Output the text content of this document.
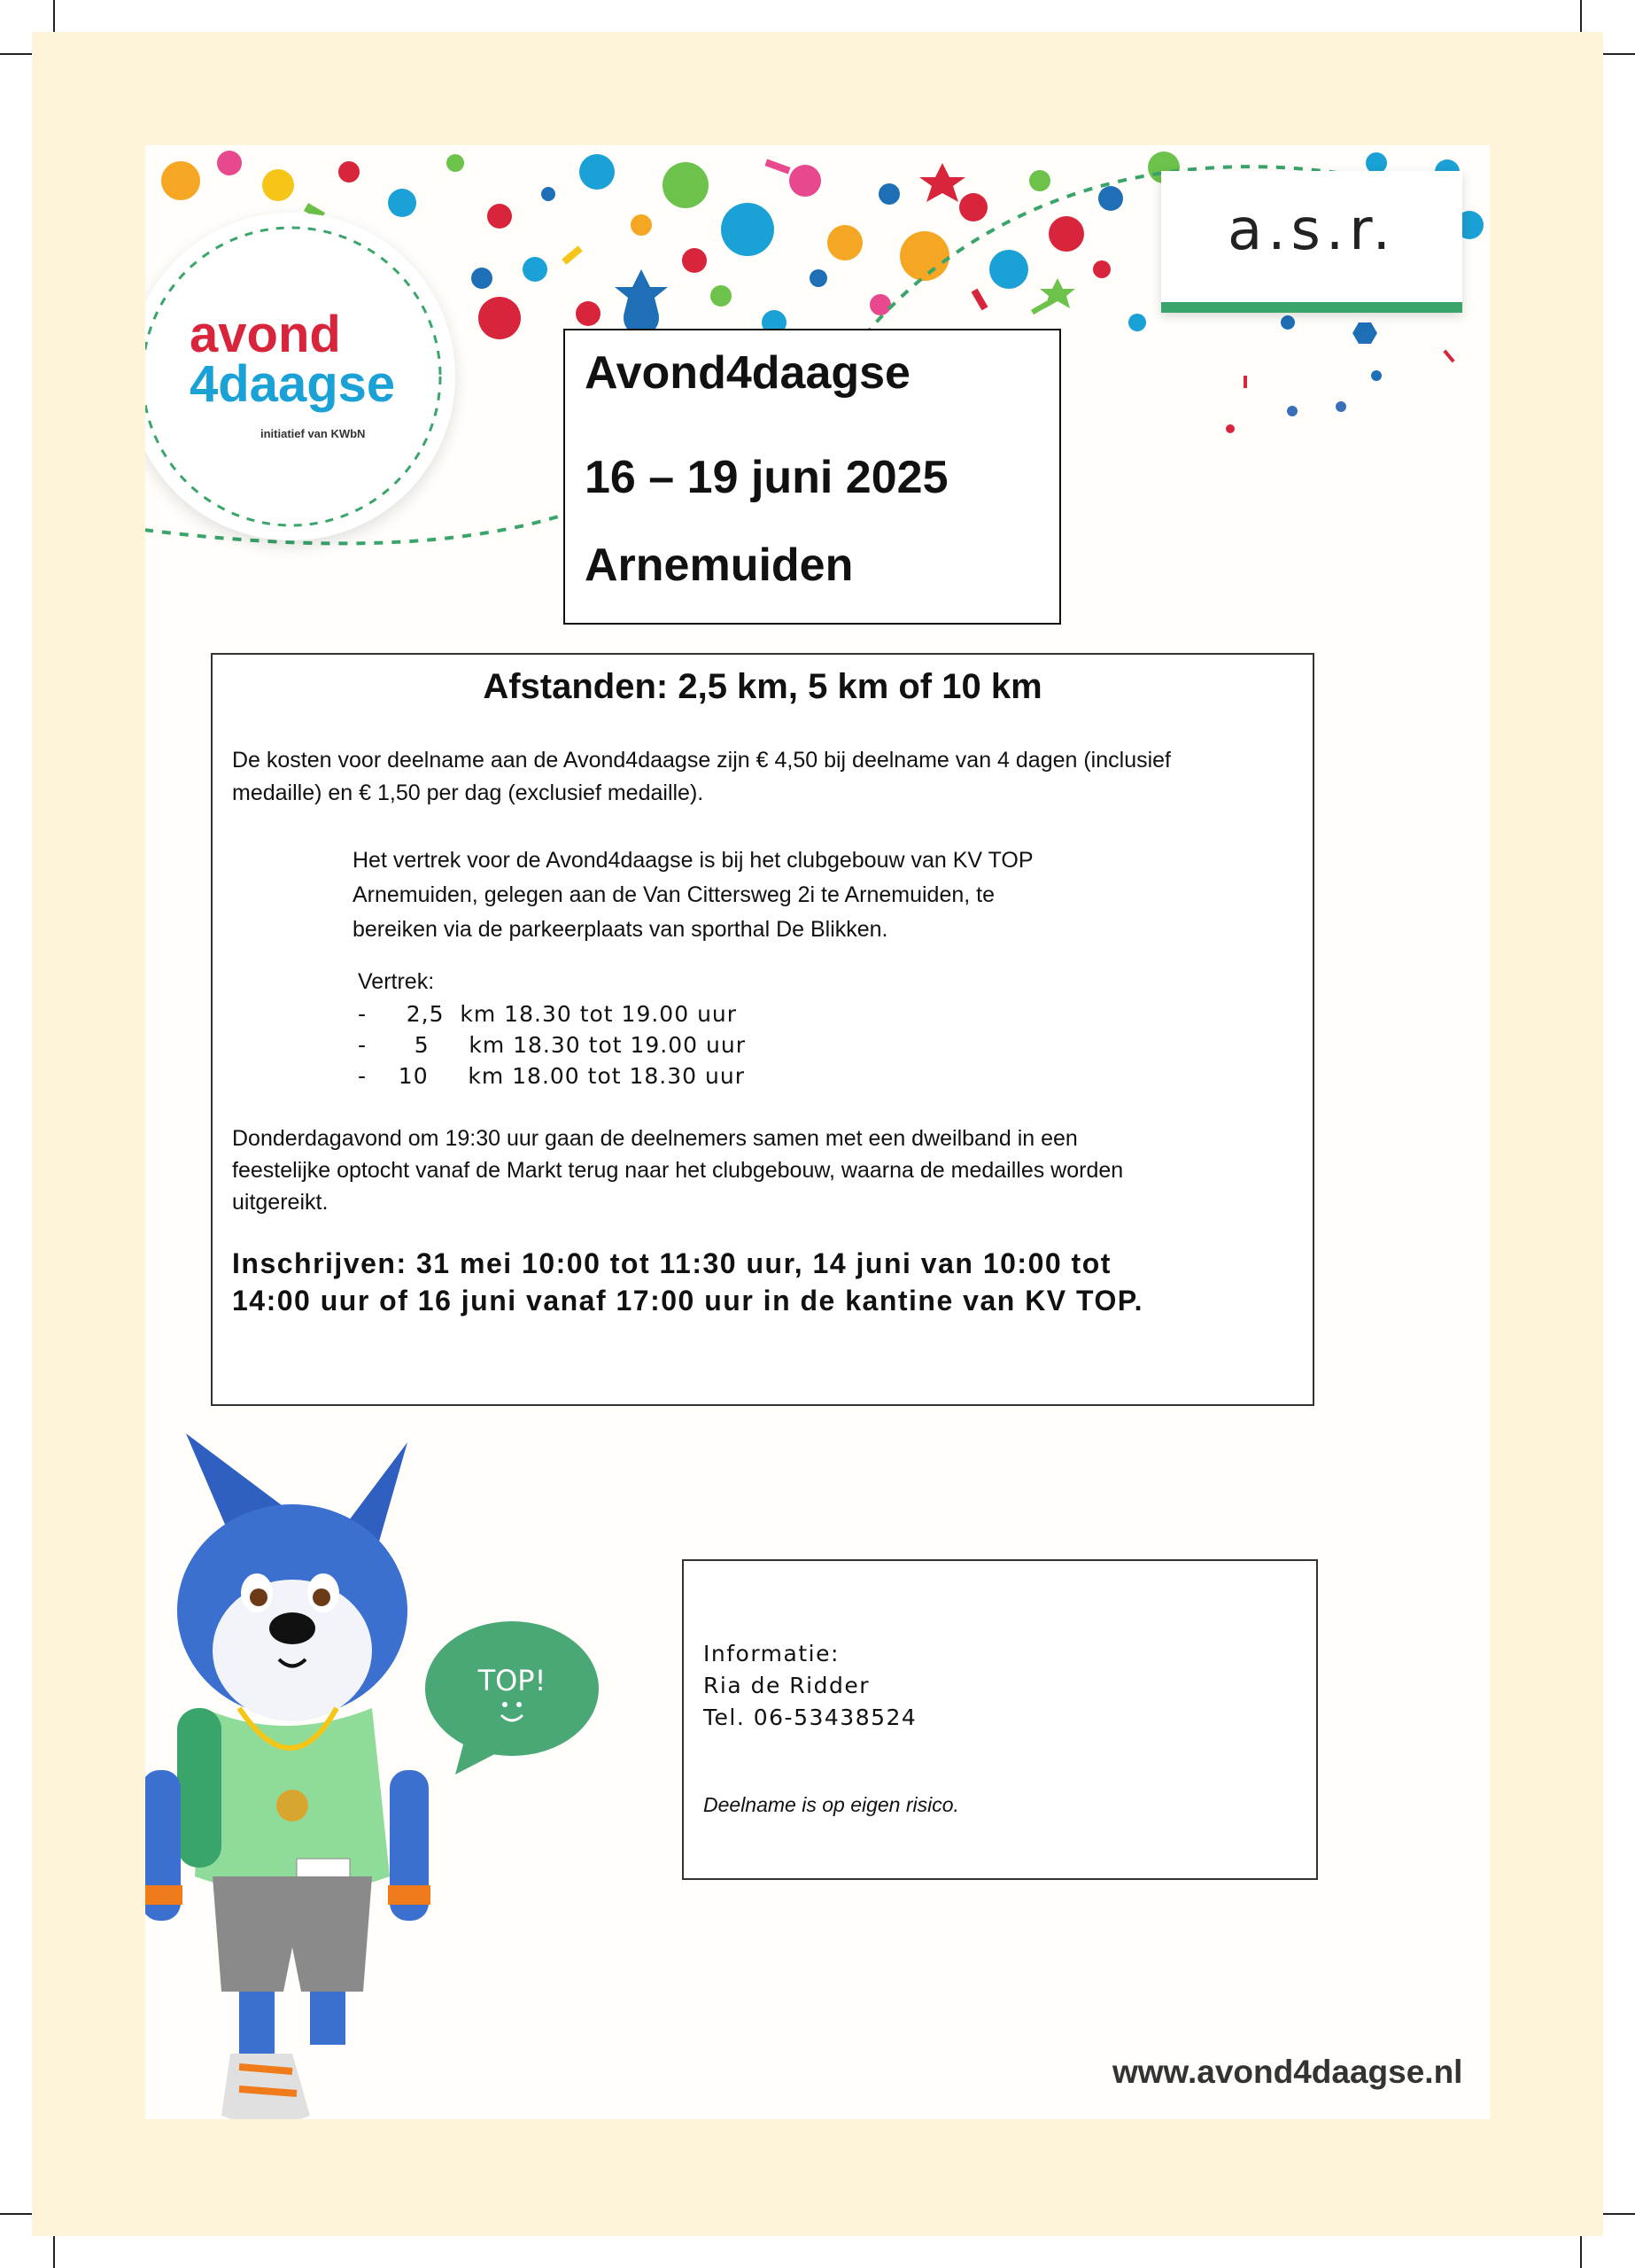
a.s.r.
avond
4daagse
initiatief van KWbN
Avond4daagse
16 – 19 juni 2025
Arnemuiden
Afstanden: 2,5 km, 5 km of 10 km
De kosten voor deelname aan de Avond4daagse zijn € 4,50 bij deelname van 4 dagen (inclusief
medaille) en € 1,50 per dag (exclusief medaille).
Het vertrek voor de Avond4daagse is bij het clubgebouw van KV TOP
Arnemuiden, gelegen aan de Van Cittersweg 2i te Arnemuiden, te
bereiken via de parkeerplaats van sporthal De Blikken.
Vertrek:
-     2,5  km 18.30 tot 19.00 uur
-      5     km 18.30 tot 19.00 uur
-    10     km 18.00 tot 18.30 uur
Donderdagavond om 19:30 uur gaan de deelnemers samen met een dweilband in een
feestelijke optocht vanaf de Markt terug naar het clubgebouw, waarna de medailles worden
uitgereikt.
Inschrijven: 31 mei 10:00 tot 11:30 uur, 14 juni van 10:00 tot
14:00 uur of 16 juni vanaf 17:00 uur in de kantine van KV TOP.
Informatie:
Ria de Ridder
Tel. 06-53438524
Deelname is op eigen risico.
TOP!
www.avond4daagse.nl
